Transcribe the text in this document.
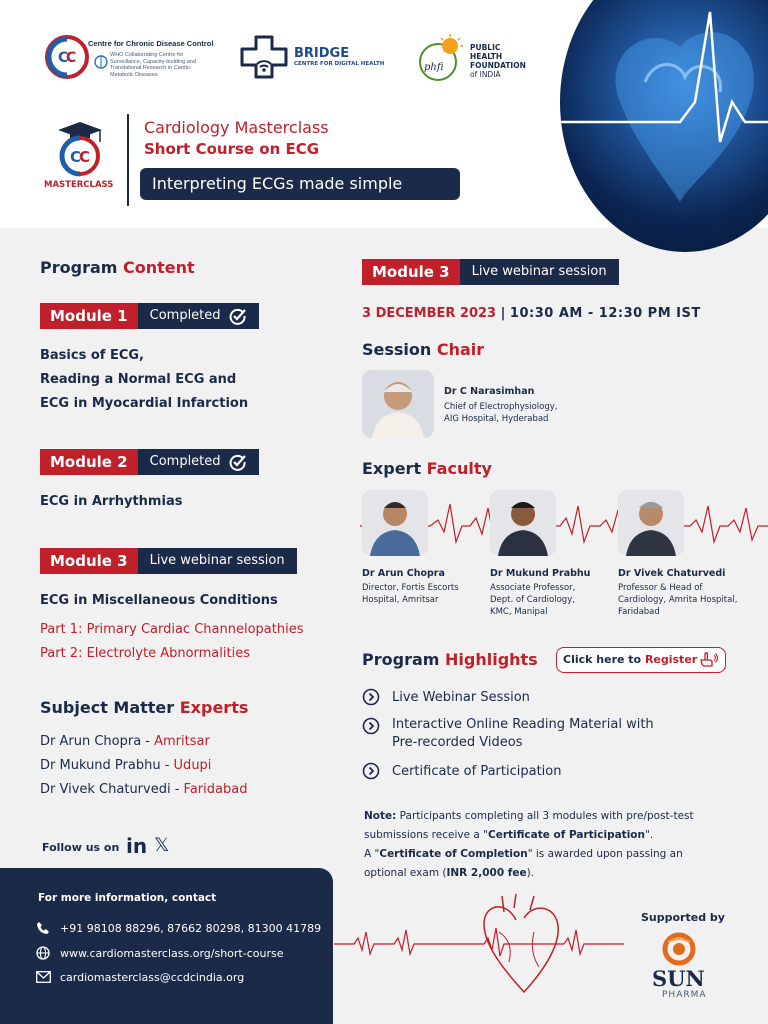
C
C
Centre for Chronic Disease Control
WHO Collaborating Centre for Surveillance, Capacity-building and Translational Research in Cardio-Metabolic Diseases
BRIDGE
CENTRE FOR DIGITAL HEALTH	phfi
PUBLIC
HEALTH
FOUNDATION
of INDIA
C
C
MASTERCLASS
Cardiology Masterclass
Short Course on ECG
Interpreting ECGs made simple
Program Content
Module 1	Completed
Basics of ECG,
Reading a Normal ECG and
ECG in Myocardial Infarction
Module 2	Completed
ECG in Arrhythmias
Module 3	Live webinar session
ECG in Miscellaneous Conditions
Part 1: Primary Cardiac Channelopathies
Part 2: Electrolyte Abnormalities
Subject Matter Experts
Dr Arun Chopra - Amritsar
Dr Mukund Prabhu - Udupi
Dr Vivek Chaturvedi - Faridabad
Follow us on in 𝕏
For more information, contact
+91 98108 88296, 87662 80298, 81300 41789
www.cardiomasterclass.org/short-course
cardiomasterclass@ccdcindia.org
Module 3	Live webinar session
3 DECEMBER 2023 | 10:30 AM - 12:30 PM IST
Session Chair
Dr C Narasimhan
Chief of Electrophysiology,
AIG Hospital, Hyderabad
Expert Faculty
Dr Arun Chopra
Director, Fortis Escorts
Hospital, Amritsar
Dr Mukund Prabhu
Associate Professor,
Dept. of Cardiology,
KMC, Manipal
Dr Vivek Chaturvedi
Professor & Head of
Cardiology, Amrita Hospital,
Faridabad
Program Highlights	Click here to Register
Live Webinar Session
Interactive Online Reading Material with
Pre-recorded Videos
Certificate of Participation
Note: Participants completing all 3 modules with pre/post-test
submissions receive a "Certificate of Participation".
A "Certificate of Completion" is awarded upon passing an
optional exam (INR 2,000 fee).
Supported by
SUN
PHARMA
